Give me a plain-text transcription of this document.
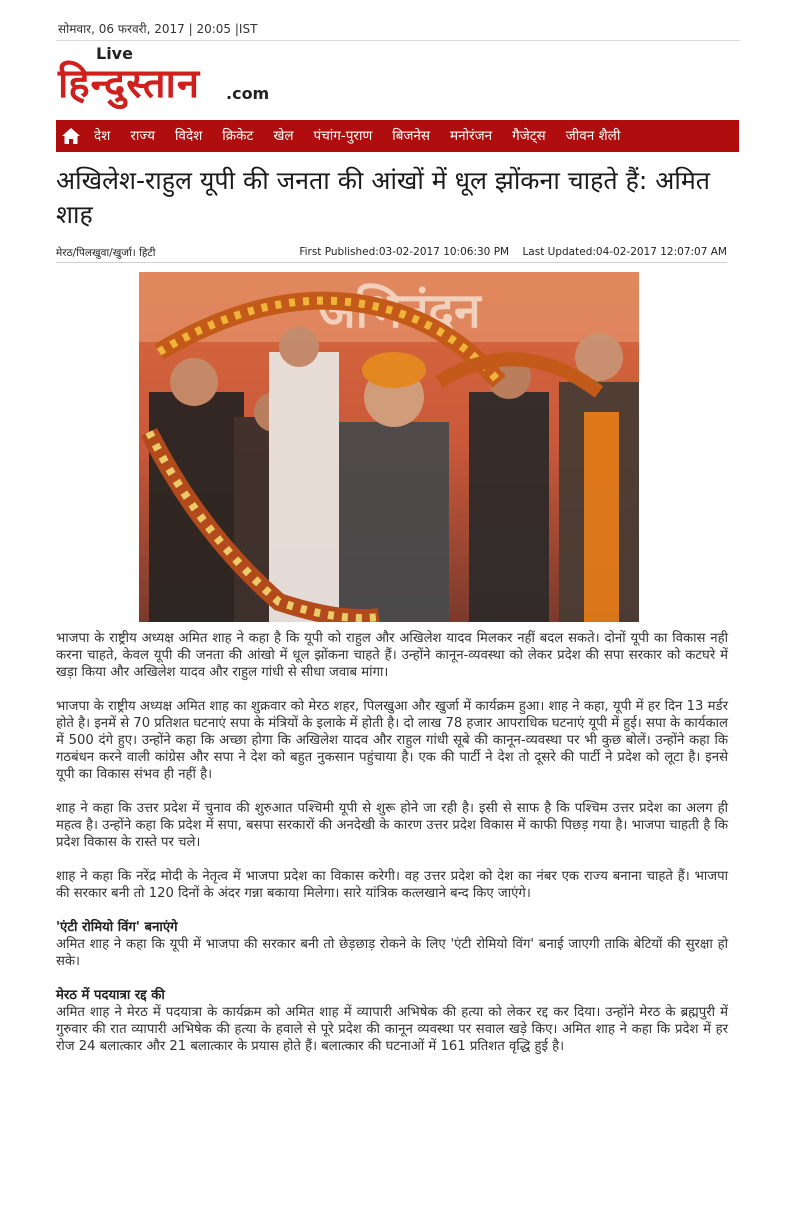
सोमवार, 06 फरवरी, 2017 | 20:05 |IST
Live
हिन्दुस्तान .com
देश	राज्य	विदेश	क्रिकेट	खेल	पंचांग-पुराण	बिजनेस	मनोरंजन	गैजेट्स	जीवन शैली
अखिलेश-राहुल यूपी की जनता की आंखों में धूल झोंकना चाहते हैं: अमित शाह
मेरठ/पिलखुवा/खुर्जा। हिटी	First Published:03-02-2017 10:06:30 PM Last Updated:04-02-2017 12:07:07 AM
अभिनंदन

भाजपा के राष्ट्रीय अध्यक्ष अमित शाह ने कहा है कि यूपी को राहुल और अखिलेश यादव मिलकर नहीं बदल सकते। दोनों यूपी का विकास नही करना चाहते, केवल यूपी की जनता की आंखो में धूल झोंकना चाहते हैं। उन्होंने कानून-व्यवस्था को लेकर प्रदेश की सपा सरकार को कटघरे में खड़ा किया और अखिलेश यादव और राहुल गांधी से सीधा जवाब मांगा।

भाजपा के राष्ट्रीय अध्यक्ष अमित शाह का शुक्रवार को मेरठ शहर, पिलखुआ और खुर्जा में कार्यक्रम हुआ। शाह ने कहा, यूपी में हर दिन 13 मर्डर होते है। इनमें से 70 प्रतिशत घटनाएं सपा के मंत्रियों के इलाके में होती है। दो लाख 78 हजार आपराधिक घटनाएं यूपी में हुई। सपा के कार्यकाल में 500 दंगे हुए। उन्होंने कहा कि अच्छा होगा कि अखिलेश यादव और राहुल गांधी सूबे की कानून-व्यवस्था पर भी कुछ बोलें। उन्होंने कहा कि गठबंधन करने वाली कांग्रेस और सपा ने देश को बहुत नुकसान पहुंचाया है। एक की पार्टी ने देश तो दूसरे की पार्टी ने प्रदेश को लूटा है। इनसे यूपी का विकास संभव ही नहीं है।

शाह ने कहा कि उत्तर प्रदेश में चुनाव की शुरुआत पश्चिमी यूपी से शुरू होने जा रही है। इसी से साफ है कि पश्चिम उत्तर प्रदेश का अलग ही महत्व है। उन्होंने कहा कि प्रदेश में सपा, बसपा सरकारों की अनदेखी के कारण उत्तर प्रदेश विकास में काफी पिछड़ गया है। भाजपा चाहती है कि प्रदेश विकास के रास्ते पर चले।

शाह ने कहा कि नरेंद्र मोदी के नेतृत्व में भाजपा प्रदेश का विकास करेगी। वह उत्तर प्रदेश को देश का नंबर एक राज्य बनाना चाहते हैं। भाजपा की सरकार बनी तो 120 दिनों के अंदर गन्ना बकाया मिलेगा। सारे यांत्रिक कत्लखाने बन्द किए जाएंगे।

'एंटी रोमियो विंग' बनाएंगे

अमित शाह ने कहा कि यूपी में भाजपा की सरकार बनी तो छेड़छाड़ रोकने के लिए 'एंटी रोमियो विंग' बनाई जाएगी ताकि बेटियों की सुरक्षा हो सके।

मेरठ में पदयात्रा रद्द की

अमित शाह ने मेरठ में पदयात्रा के कार्यक्रम को अमित शाह में व्यापारी अभिषेक की हत्या को लेकर रद्द कर दिया। उन्होंने मेरठ के ब्रह्मपुरी में गुरुवार की रात व्यापारी अभिषेक की हत्या के हवाले से पूरे प्रदेश की कानून व्यवस्था पर सवाल खड़े किए। अमित शाह ने कहा कि प्रदेश में हर रोज 24 बलात्कार और 21 बलात्कार के प्रयास होते हैं। बलात्कार की घटनाओं में 161 प्रतिशत वृद्धि हुई है।
